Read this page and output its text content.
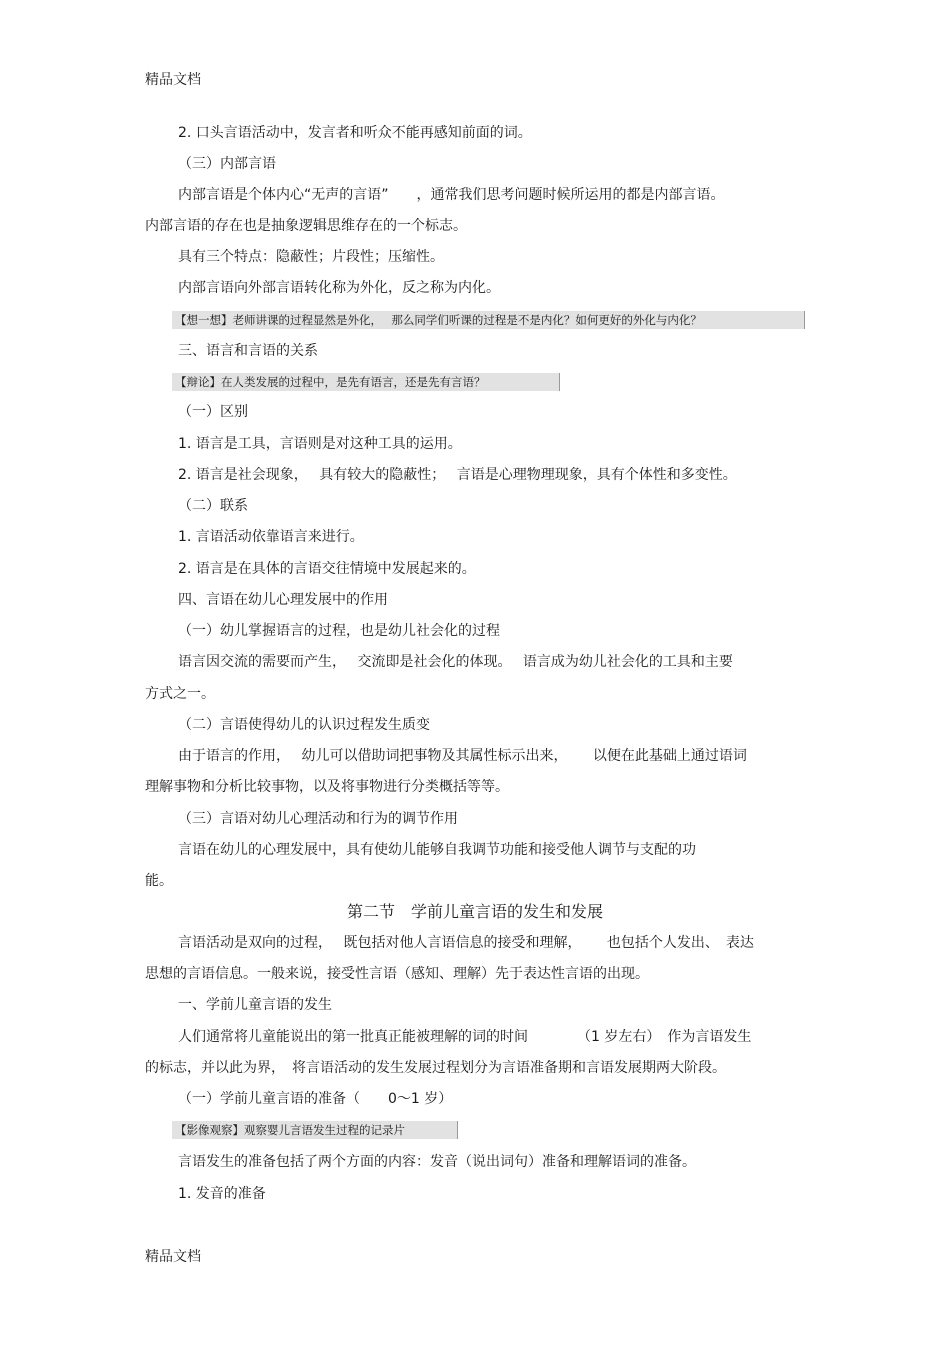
精品文档
2. 口头言语活动中，发言者和听众不能再感知前面的词。
（三）内部言语
内部言语是个体内心“无声的言语”　　，通常我们思考问题时候所运用的都是内部言语。
内部言语的存在也是抽象逻辑思维存在的一个标志。
具有三个特点：隐蔽性；片段性；压缩性。
内部言语向外部言语转化称为外化，反之称为内化。
【想一想】老师讲课的过程显然是外化，　 那么同学们听课的过程是不是内化？如何更好的外化与内化？
三、语言和言语的关系
【辩论】在人类发展的过程中，是先有语言，还是先有言语？
（一）区别
1. 语言是工具，言语则是对这种工具的运用。
2. 语言是社会现象，　 具有较大的隐蔽性；　 言语是心理物理现象，具有个体性和多变性。
（二）联系
1. 言语活动依靠语言来进行。
2. 语言是在具体的言语交往情境中发展起来的。
四、言语在幼儿心理发展中的作用
（一）幼儿掌握语言的过程，也是幼儿社会化的过程
语言因交流的需要而产生，　 交流即是社会化的体现。　 语言成为幼儿社会化的工具和主要
方式之一。
（二）言语使得幼儿的认识过程发生质变
由于语言的作用，　 幼儿可以借助词把事物及其属性标示出来，　　 以便在此基础上通过语词
理解事物和分析比较事物，以及将事物进行分类概括等等。
（三）言语对幼儿心理活动和行为的调节作用
言语在幼儿的心理发展中，具有使幼儿能够自我调节功能和接受他人调节与支配的功
能。
第二节　学前儿童言语的发生和发展
言语活动是双向的过程，　 既包括对他人言语信息的接受和理解，　　 也包括个人发出、　表达
思想的言语信息。一般来说，接受性言语（感知、理解）先于表达性言语的出现。
一、学前儿童言语的发生
人们通常将儿童能说出的第一批真正能被理解的词的时间　　　　（1 岁左右）　作为言语发生
的标志，并以此为界，　将言语活动的发生发展过程划分为言语准备期和言语发展期两大阶段。
（一）学前儿童言语的准备（　　0～1 岁）
【影像观察】观察婴儿言语发生过程的记录片
言语发生的准备包括了两个方面的内容：发音（说出词句）准备和理解语词的准备。
1. 发音的准备
精品文档
